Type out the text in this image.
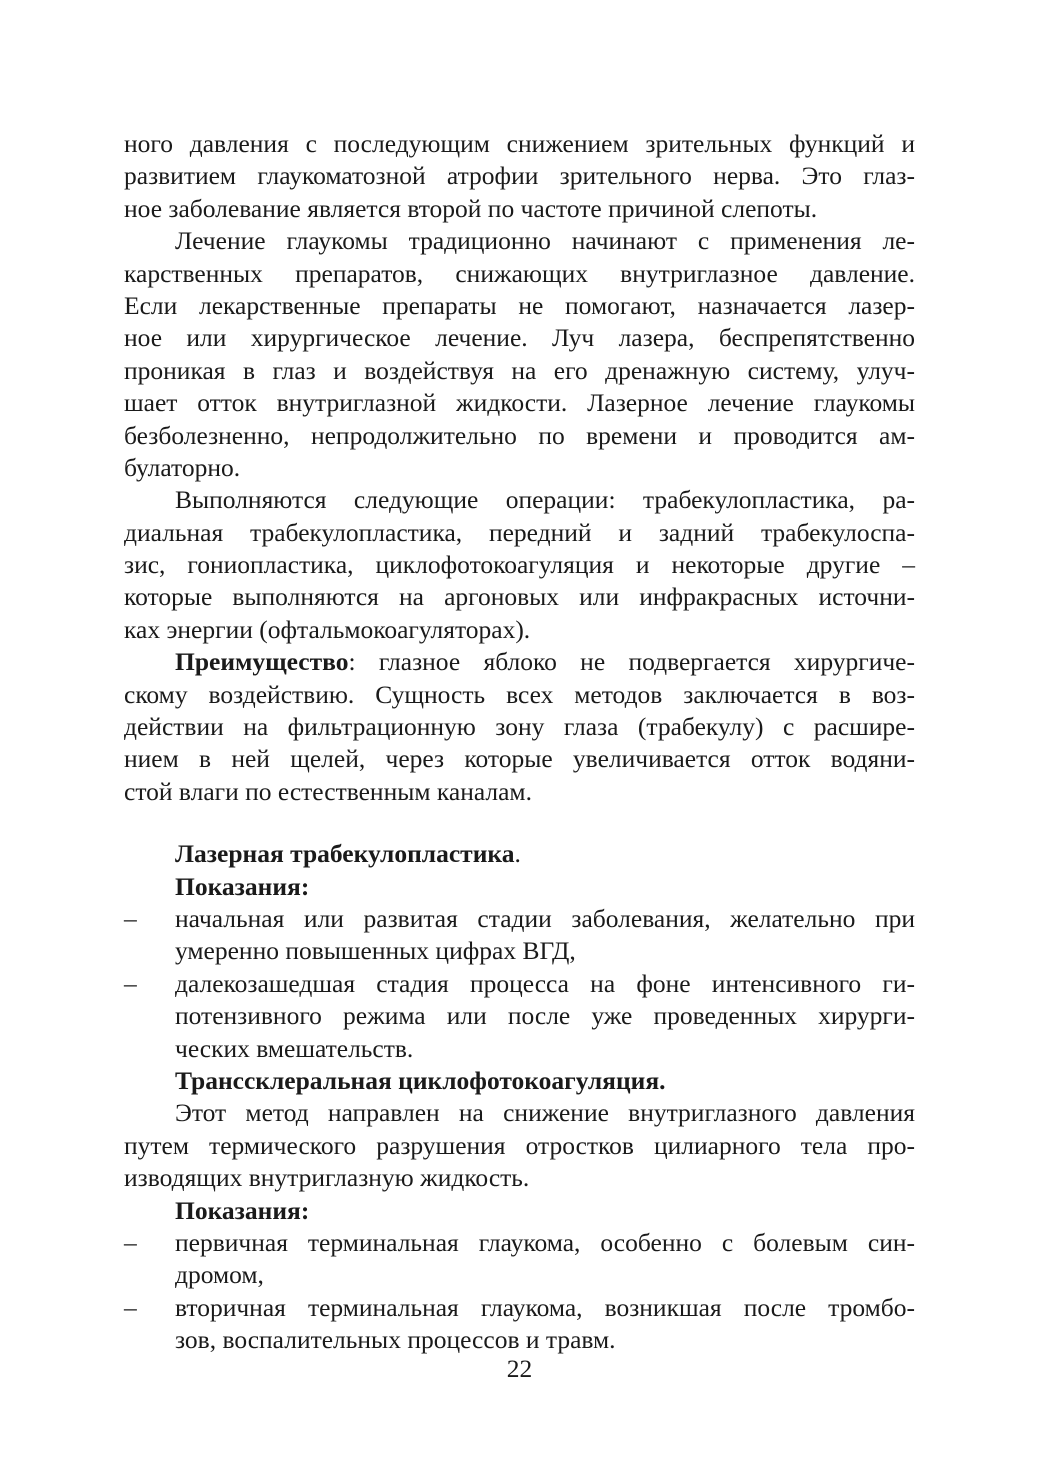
ного давления с последующим снижением зрительных функций и
развитием глаукоматозной атрофии зрительного нерва. Это глаз-
ное заболевание является второй по частоте причиной слепоты.
Лечение глаукомы традиционно начинают с применения ле-
карственных препаратов, снижающих внутриглазное давление.
Если лекарственные препараты не помогают, назначается лазер-
ное или хирургическое лечение. Луч лазера, беспрепятственно
проникая в глаз и воздействуя на его дренажную систему, улуч-
шает отток внутриглазной жидкости. Лазерное лечение глаукомы
безболезненно, непродолжительно по времени и проводится ам-
булаторно.
Выполняются следующие операции: трабекулопластика, ра-
диальная трабекулопластика, передний и задний трабекулоспа-
зис, гониопластика, циклофотокоагуляция и некоторые другие –
которые выполняются на аргоновых или инфракрасных источни-
ках энергии (офтальмокоагуляторах).
Преимущество: глазное яблоко не подвергается хирургиче-
скому воздействию. Сущность всех методов заключается в воз-
действии на фильтрационную зону глаза (трабекулу) с расшире-
нием в ней щелей, через которые увеличивается отток водяни-
стой влаги по естественным каналам.
Лазерная трабекулопластика.
Показания:
– начальная или развитая стадии заболевания, желательно при
умеренно повышенных цифрах ВГД,
– далекозашедшая стадия процесса на фоне интенсивного ги-
потензивного режима или после уже проведенных хирурги-
ческих вмешательств.
Транссклеральная циклофотокоагуляция.
Этот метод направлен на снижение внутриглазного давления
путем термического разрушения отростков цилиарного тела про-
изводящих внутриглазную жидкость.
Показания:
– первичная терминальная глаукома, особенно с болевым син-
дромом,
– вторичная терминальная глаукома, возникшая после тромбо-
зов, воспалительных процессов и травм.
22
